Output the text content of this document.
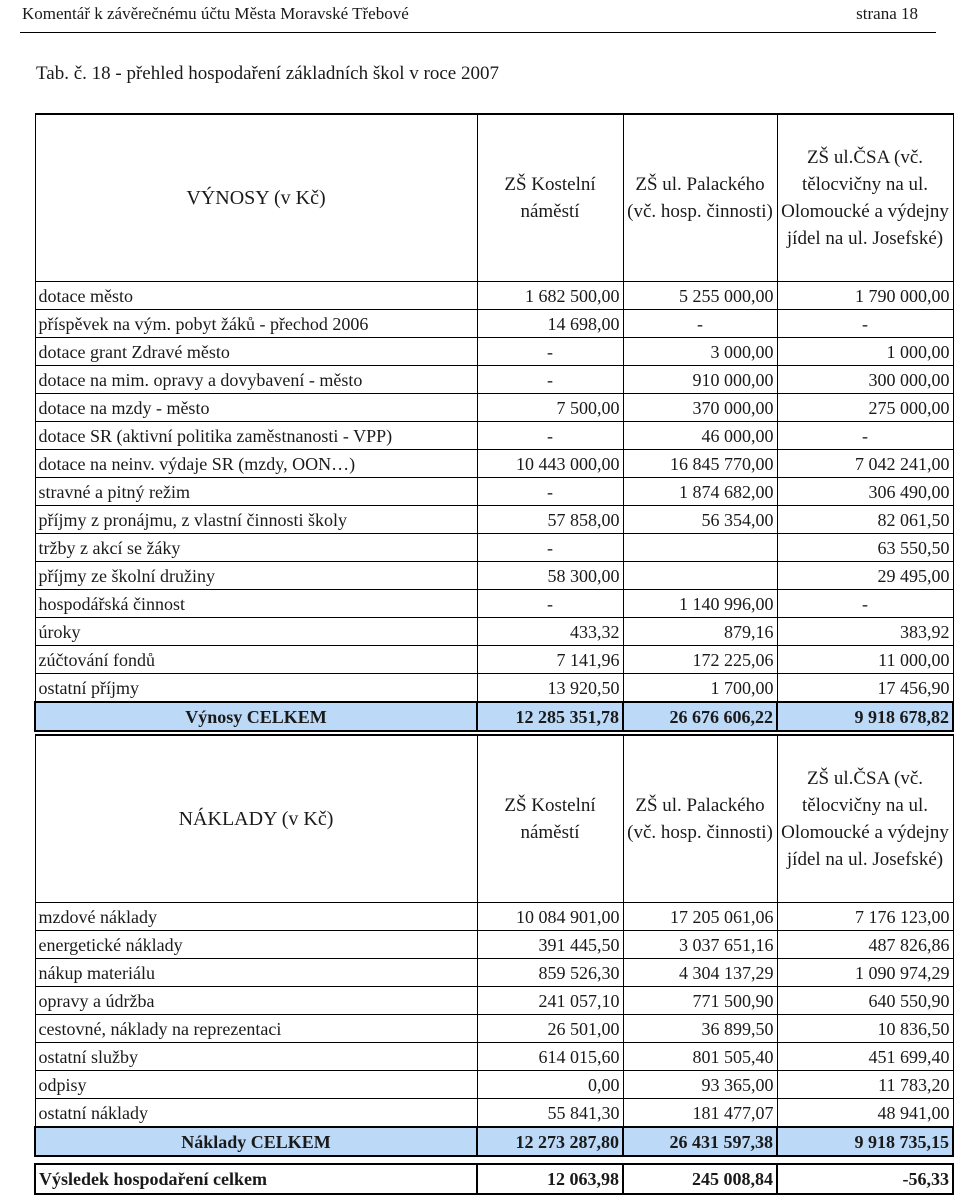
Komentář k závěrečnému účtu Města Moravské Třebové	strana 18
Tab. č. 18 - přehled hospodaření základních škol v roce 2007
VÝNOSY (v Kč)	ZŠ Kostelní náměstí	ZŠ ul. Palackého (vč. hosp. činnosti)	ZŠ ul.ČSA (vč. tělocvičny na ul. Olomoucké a výdejny jídel na ul. Josefské)
dotace město	1 682 500,00	5 255 000,00	1 790 000,00
příspěvek na vým. pobyt žáků - přechod 2006	14 698,00	-	-
dotace grant Zdravé město	-	3 000,00	1 000,00
dotace na mim. opravy a dovybavení - město	-	910 000,00	300 000,00
dotace na mzdy - město	7 500,00	370 000,00	275 000,00
dotace SR (aktivní politika zaměstnanosti - VPP)	-	46 000,00	-
dotace na neinv. výdaje SR (mzdy, OON…)	10 443 000,00	16 845 770,00	7 042 241,00
stravné a pitný režim	-	1 874 682,00	306 490,00
příjmy z pronájmu, z vlastní činnosti školy	57 858,00	56 354,00	82 061,50
tržby z akcí se žáky	-		63 550,50
příjmy ze školní družiny	58 300,00		29 495,00
hospodářská činnost	-	1 140 996,00	-
úroky	433,32	879,16	383,92
zúčtování fondů	7 141,96	172 225,06	11 000,00
ostatní příjmy	13 920,50	1 700,00	17 456,90
Výnosy CELKEM	12 285 351,78	26 676 606,22	9 918 678,82
NÁKLADY (v Kč)	ZŠ Kostelní náměstí	ZŠ ul. Palackého (vč. hosp. činnosti)	ZŠ ul.ČSA (vč. tělocvičny na ul. Olomoucké a výdejny jídel na ul. Josefské)
mzdové náklady	10 084 901,00	17 205 061,06	7 176 123,00
energetické náklady	391 445,50	3 037 651,16	487 826,86
nákup materiálu	859 526,30	4 304 137,29	1 090 974,29
opravy a údržba	241 057,10	771 500,90	640 550,90
cestovné, náklady na reprezentaci	26 501,00	36 899,50	10 836,50
ostatní služby	614 015,60	801 505,40	451 699,40
odpisy	0,00	93 365,00	11 783,20
ostatní náklady	55 841,30	181 477,07	48 941,00
Náklady CELKEM	12 273 287,80	26 431 597,38	9 918 735,15
Výsledek hospodaření celkem	12 063,98	245 008,84	-56,33
